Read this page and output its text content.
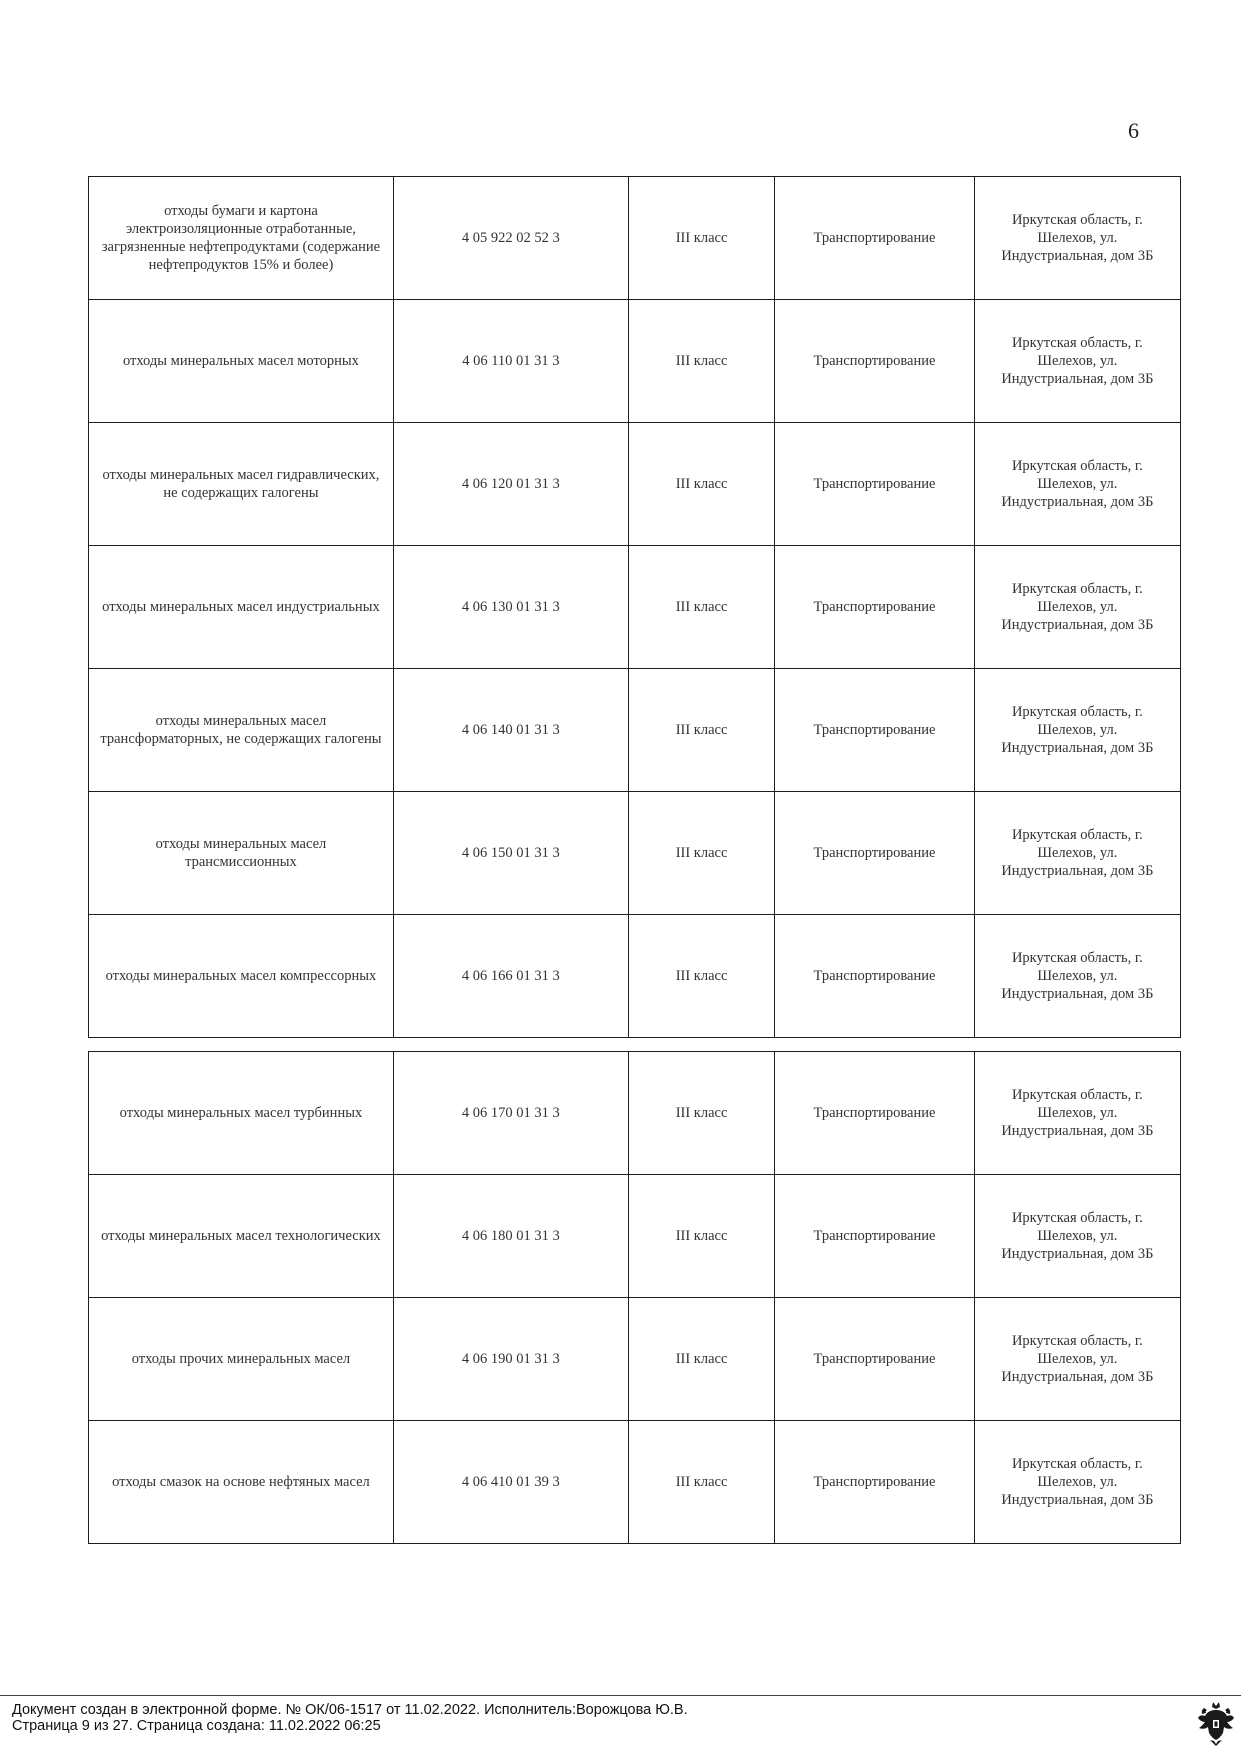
6
отходы бумаги и картона электроизоляционные отработанные, загрязненные нефтепродуктами (содержание нефтепродуктов 15% и более)	4 05 922 02 52 3	III класс	Транспортирование	Иркутская область, г. Шелехов, ул. Индустриальная, дом 3Б
отходы минеральных масел моторных	4 06 110 01 31 3	III класс	Транспортирование	Иркутская область, г. Шелехов, ул. Индустриальная, дом 3Б
отходы минеральных масел гидравлических, не содержащих галогены	4 06 120 01 31 3	III класс	Транспортирование	Иркутская область, г. Шелехов, ул. Индустриальная, дом 3Б
отходы минеральных масел индустриальных	4 06 130 01 31 3	III класс	Транспортирование	Иркутская область, г. Шелехов, ул. Индустриальная, дом 3Б
отходы минеральных масел трансформаторных, не содержащих галогены	4 06 140 01 31 3	III класс	Транспортирование	Иркутская область, г. Шелехов, ул. Индустриальная, дом 3Б
отходы минеральных масел трансмиссионных	4 06 150 01 31 3	III класс	Транспортирование	Иркутская область, г. Шелехов, ул. Индустриальная, дом 3Б
отходы минеральных масел компрессорных	4 06 166 01 31 3	III класс	Транспортирование	Иркутская область, г. Шелехов, ул. Индустриальная, дом 3Б
отходы минеральных масел турбинных	4 06 170 01 31 3	III класс	Транспортирование	Иркутская область, г. Шелехов, ул. Индустриальная, дом 3Б
отходы минеральных масел технологических	4 06 180 01 31 3	III класс	Транспортирование	Иркутская область, г. Шелехов, ул. Индустриальная, дом 3Б
отходы прочих минеральных масел	4 06 190 01 31 3	III класс	Транспортирование	Иркутская область, г. Шелехов, ул. Индустриальная, дом 3Б
отходы смазок на основе нефтяных масел	4 06 410 01 39 3	III класс	Транспортирование	Иркутская область, г. Шелехов, ул. Индустриальная, дом 3Б
Документ создан в электронной форме. № ОК/06-1517 от 11.02.2022. Исполнитель:Ворожцова Ю.В.
Страница 9 из 27. Страница создана: 11.02.2022 06:25
